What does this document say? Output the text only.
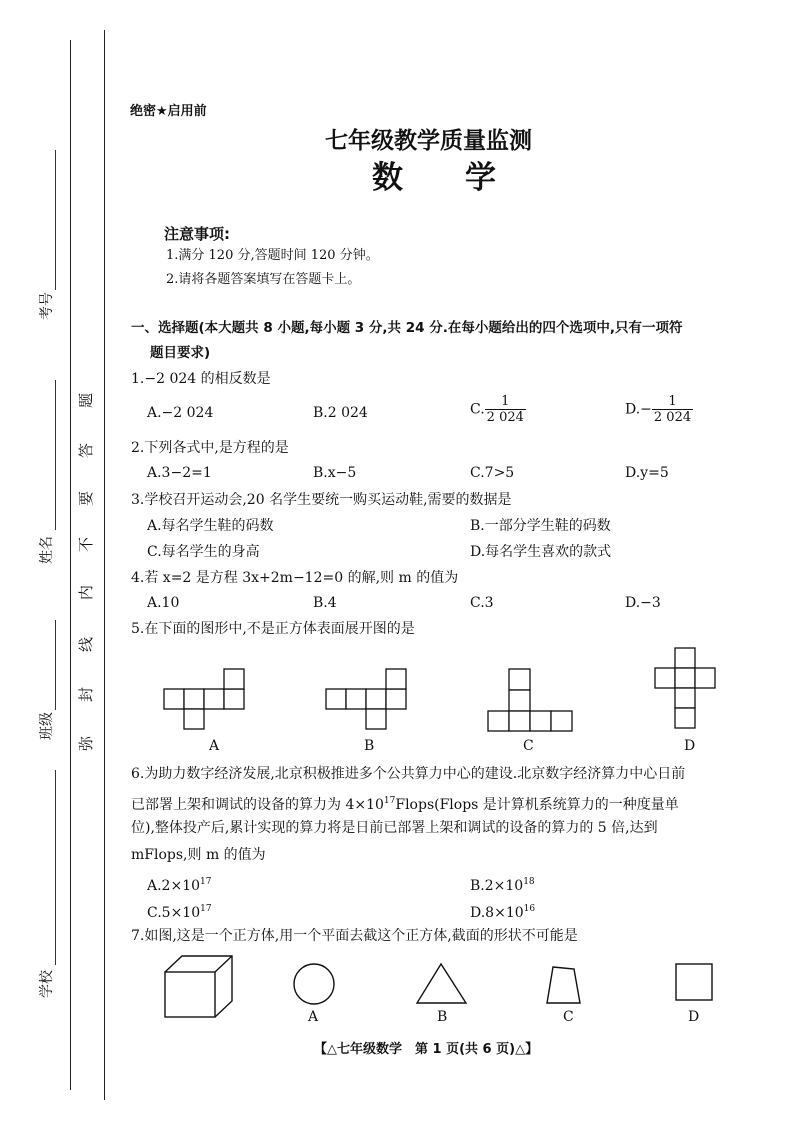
考号
姓名
班级
学校
题
答
要
不
内
线
封
弥
绝密★启用前
七年级教学质量监测
数　　学
注意事项:
1.满分 120 分,答题时间 120 分钟。
2.请将各题答案填写在答题卡上。
一、选择题(本大题共 8 小题,每小题 3 分,共 24 分.在每小题给出的四个选项中,只有一项符
题目要求)
1.−2 024 的相反数是
A.−2 024	B.2 024	C. $\frac{1}{2 024}$	$D.- \frac{1}{2 024}$
2.下列各式中,是方程的是
A.3−2=1	B.x−5	C.7>5	D.y=5
3.学校召开运动会,20 名学生要统一购买运动鞋,需要的数据是
A.每名学生鞋的码数	B.一部分学生鞋的码数
C.每名学生的身高	D.每名学生喜欢的款式
4.若 x=2 是方程 3x+2m−12=0 的解,则 m 的值为
A.10	B.4	C.3	D.−3
5.在下面的图形中,不是正方体表面展开图的是
A	B	C	D
6.为助力数字经济发展,北京积极推进多个公共算力中心的建设.北京数字经济算力中心日前
已部署上架和调试的设备的算力为 $4\times 10^{17}Flops(Flops$ 是计算机系统算力的一种度量单
位),整体投产后,累计实现的算力将是日前已部署上架和调试的设备的算力的 5 倍,达到
mFlops,则 m 的值为
$A.2\times 10^{17}$	$B.2\times 10^{18}$
$C.5\times 10^{17}$	$D.8\times 10^{16}$
7.如图,这是一个正方体,用一个平面去截这个正方体,截面的形状不可能是
A	B	C	D
【△七年级数学　第 1 页(共 6 页)△】
